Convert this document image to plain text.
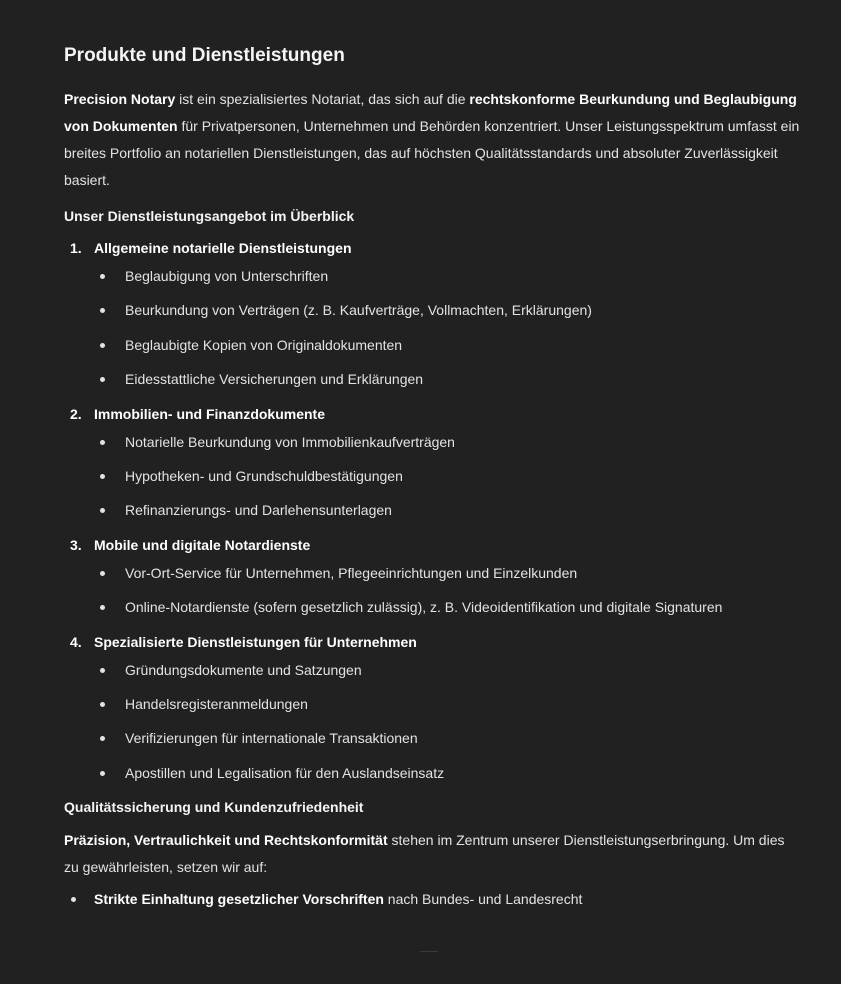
Produkte und Dienstleistungen

Precision Notary ist ein spezialisiertes Notariat, das sich auf die rechtskonforme Beurkundung und Beglaubigung von Dokumenten für Privatpersonen, Unternehmen und Behörden konzentriert. Unser Leistungsspektrum umfasst ein breites Portfolio an notariellen Dienstleistungen, das auf höchsten Qualitätsstandards und absoluter Zuverlässigkeit basiert.

Unser Dienstleistungsangebot im Überblick
1. Allgemeine notarielle Dienstleistungen
Beglaubigung von Unterschriften
Beurkundung von Verträgen (z. B. Kaufverträge, Vollmachten, Erklärungen)
Beglaubigte Kopien von Originaldokumenten
Eidesstattliche Versicherungen und Erklärungen
2. Immobilien- und Finanzdokumente
Notarielle Beurkundung von Immobilienkaufverträgen
Hypotheken- und Grundschuldbestätigungen
Refinanzierungs- und Darlehensunterlagen
3. Mobile und digitale Notardienste
Vor-Ort-Service für Unternehmen, Pflegeeinrichtungen und Einzelkunden
Online-Notardienste (sofern gesetzlich zulässig), z. B. Videoidentifikation und digitale Signaturen
4. Spezialisierte Dienstleistungen für Unternehmen
Gründungsdokumente und Satzungen
Handelsregisteranmeldungen
Verifizierungen für internationale Transaktionen
Apostillen und Legalisation für den Auslandseinsatz
Qualitätssicherung und Kundenzufriedenheit

Präzision, Vertraulichkeit und Rechtskonformität stehen im Zentrum unserer Dienstleistungserbringung. Um dies zu gewährleisten, setzen wir auf:

Strikte Einhaltung gesetzlicher Vorschriften nach Bundes- und Landesrecht
